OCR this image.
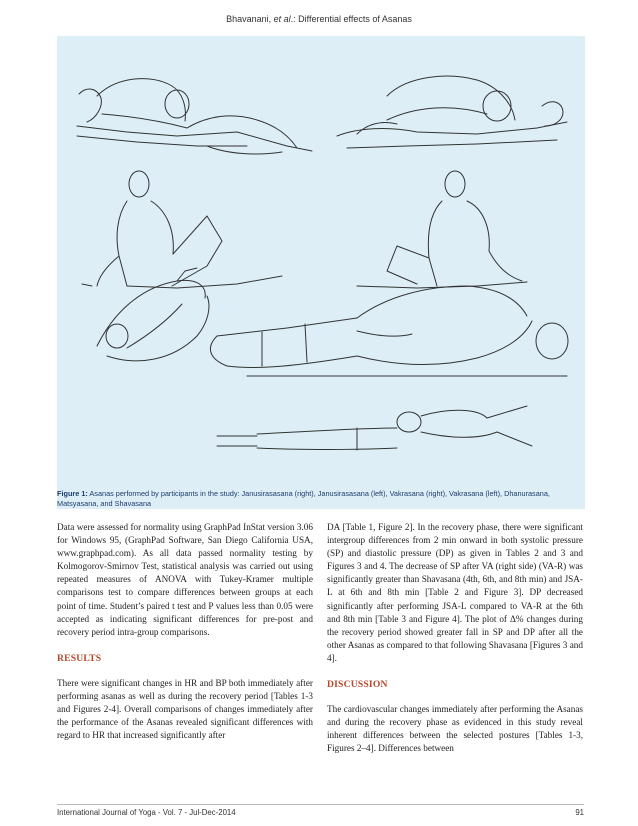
Bhavanani, et al.: Differential effects of Asanas
Figure 1: Asanas performed by participants in the study: Janusirasasana (right), Janusirasasana (left), Vakrasana (right), Vakrasana (left), Dhanurasana, Matsyasana, and Shavasana

Data were assessed for normality using GraphPad InStat version 3.06 for Windows 95, (GraphPad Software, San Diego California USA, www.graphpad.com). As all data passed normality testing by Kolmogorov-Smirnov Test, statistical analysis was carried out using repeated measures of ANOVA with Tukey-Kramer multiple comparisons test to compare differences between groups at each point of time. Student’s paired t test and P values less than 0.05 were accepted as indicating significant differences for pre-post and recovery period intra-group comparisons.

RESULTS

There were significant changes in HR and BP both immediately after performing asanas as well as during the recovery period [Tables 1-3 and Figures 2-4]. Overall comparisons of changes immediately after the performance of the Asanas revealed significant differences with regard to HR that increased significantly after

DA [Table 1, Figure 2]. In the recovery phase, there were significant intergroup differences from 2 min onward in both systolic pressure (SP) and diastolic pressure (DP) as given in Tables 2 and 3 and Figures 3 and 4. The decrease of SP after VA (right side) (VA-R) was significantly greater than Shavasana (4th, 6th, and 8th min) and JSA-L at 6th and 8th min [Table 2 and Figure 3]. DP decreased significantly after performing JSA-L compared to VA-R at the 6th and 8th min [Table 3 and Figure 4]. The plot of Δ% changes during the recovery period showed greater fall in SP and DP after all the other Asanas as compared to that following Shavasana [Figures 3 and 4].

DISCUSSION

The cardiovascular changes immediately after performing the Asanas and during the recovery phase as evidenced in this study reveal inherent differences between the selected postures [Tables 1-3, Figures 2–4]. Differences between

International Journal of Yoga - Vol. 7 - Jul-Dec-2014	91
